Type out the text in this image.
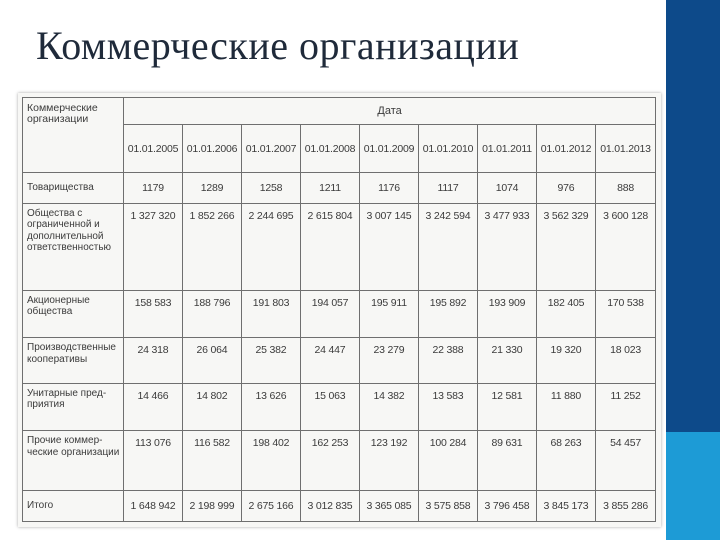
Коммерческие организации
Коммерческие организации	Дата								
	01.01.2005	01.01.2006	01.01.2007	01.01.2008	01.01.2009	01.01.2010	01.01.2011	01.01.2012	01.01.2013
Товарищества	1179	1289	1258	1211	1176	1117	1074	976	888
Общества с ограниченной и дополнительной ответственностью	1 327 320	1 852 266	2 244 695	2 615 804	3 007 145	3 242 594	3 477 933	3 562 329	3 600 128
Акционерные общества	158 583	188 796	191 803	194 057	195 911	195 892	193 909	182 405	170 538
Производственные кооперативы	24 318	26 064	25 382	24 447	23 279	22 388	21 330	19 320	18 023
Унитарные предприятия	14 466	14 802	13 626	15 063	14 382	13 583	12 581	11 880	11 252
Прочие коммерческие организации	113 076	116 582	198 402	162 253	123 192	100 284	89 631	68 263	54 457
Итого	1 648 942	2 198 999	2 675 166	3 012 835	3 365 085	3 575 858	3 796 458	3 845 173	3 855 286
